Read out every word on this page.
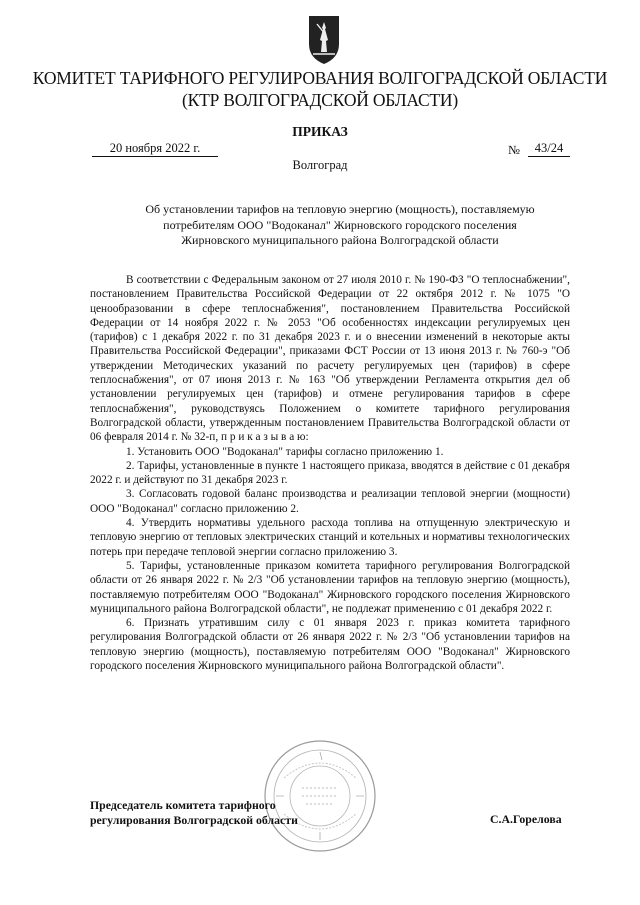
КОМИТЕТ ТАРИФНОГО РЕГУЛИРОВАНИЯ ВОЛГОГРАДСКОЙ ОБЛАСТИ
(КТР ВОЛГОГРАДСКОЙ ОБЛАСТИ)
ПРИКАЗ
20 ноября 2022 г.	№	43/24
Волгоград
Об установлении тарифов на тепловую энергию (мощность), поставляемую
потребителям ООО "Водоканал" Жирновского городского поселения
Жирновского муниципального района Волгоградской области

В соответствии с Федеральным законом от 27 июля 2010 г. № 190-ФЗ "О теплоснабжении", постановлением Правительства Российской Федерации от 22 октября 2012 г. № 1075 "О ценообразовании в сфере теплоснабжения", постановлением Правительства Российской Федерации от 14 ноября 2022 г. № 2053 "Об особенностях индексации регулируемых цен (тарифов) с 1 декабря 2022 г. по 31 декабря 2023 г. и о внесении изменений в некоторые акты Правительства Российской Федерации", приказами ФСТ России от 13 июня 2013 г. № 760-э "Об утверждении Методических указаний по расчету регулируемых цен (тарифов) в сфере теплоснабжения", от 07 июня 2013 г. № 163 "Об утверждении Регламента открытия дел об установлении регулируемых цен (тарифов) и отмене регулирования тарифов в сфере теплоснабжения", руководствуясь Положением о комитете тарифного регулирования Волгоградской области, утвержденным постановлением Правительства Волгоградской области от 06 февраля 2014 г. № 32-п, п р и к а з ы в а ю:

1. Установить ООО "Водоканал" тарифы согласно приложению 1.

2. Тарифы, установленные в пункте 1 настоящего приказа, вводятся в действие с 01 декабря 2022 г. и действуют по 31 декабря 2023 г.

3. Согласовать годовой баланс производства и реализации тепловой энергии (мощности) ООО "Водоканал" согласно приложению 2.

4. Утвердить нормативы удельного расхода топлива на отпущенную электрическую и тепловую энергию от тепловых электрических станций и котельных и нормативы технологических потерь при передаче тепловой энергии согласно приложению 3.

5. Тарифы, установленные приказом комитета тарифного регулирования Волгоградской области от 26 января 2022 г. № 2/3 "Об установлении тарифов на тепловую энергию (мощность), поставляемую потребителям ООО "Водоканал" Жирновского городского поселения Жирновского муниципального района Волгоградской области", не подлежат применению с 01 декабря 2022 г.

6. Признать утратившим силу с 01 января 2023 г. приказ комитета тарифного регулирования Волгоградской области от 26 января 2022 г. № 2/3 "Об установлении тарифов на тепловую энергию (мощность), поставляемую потребителям ООО "Водоканал" Жирновского городского поселения Жирновского муниципального района Волгоградской области".

Председатель комитета тарифного
регулирования Волгоградской области	С.А.Горелова
